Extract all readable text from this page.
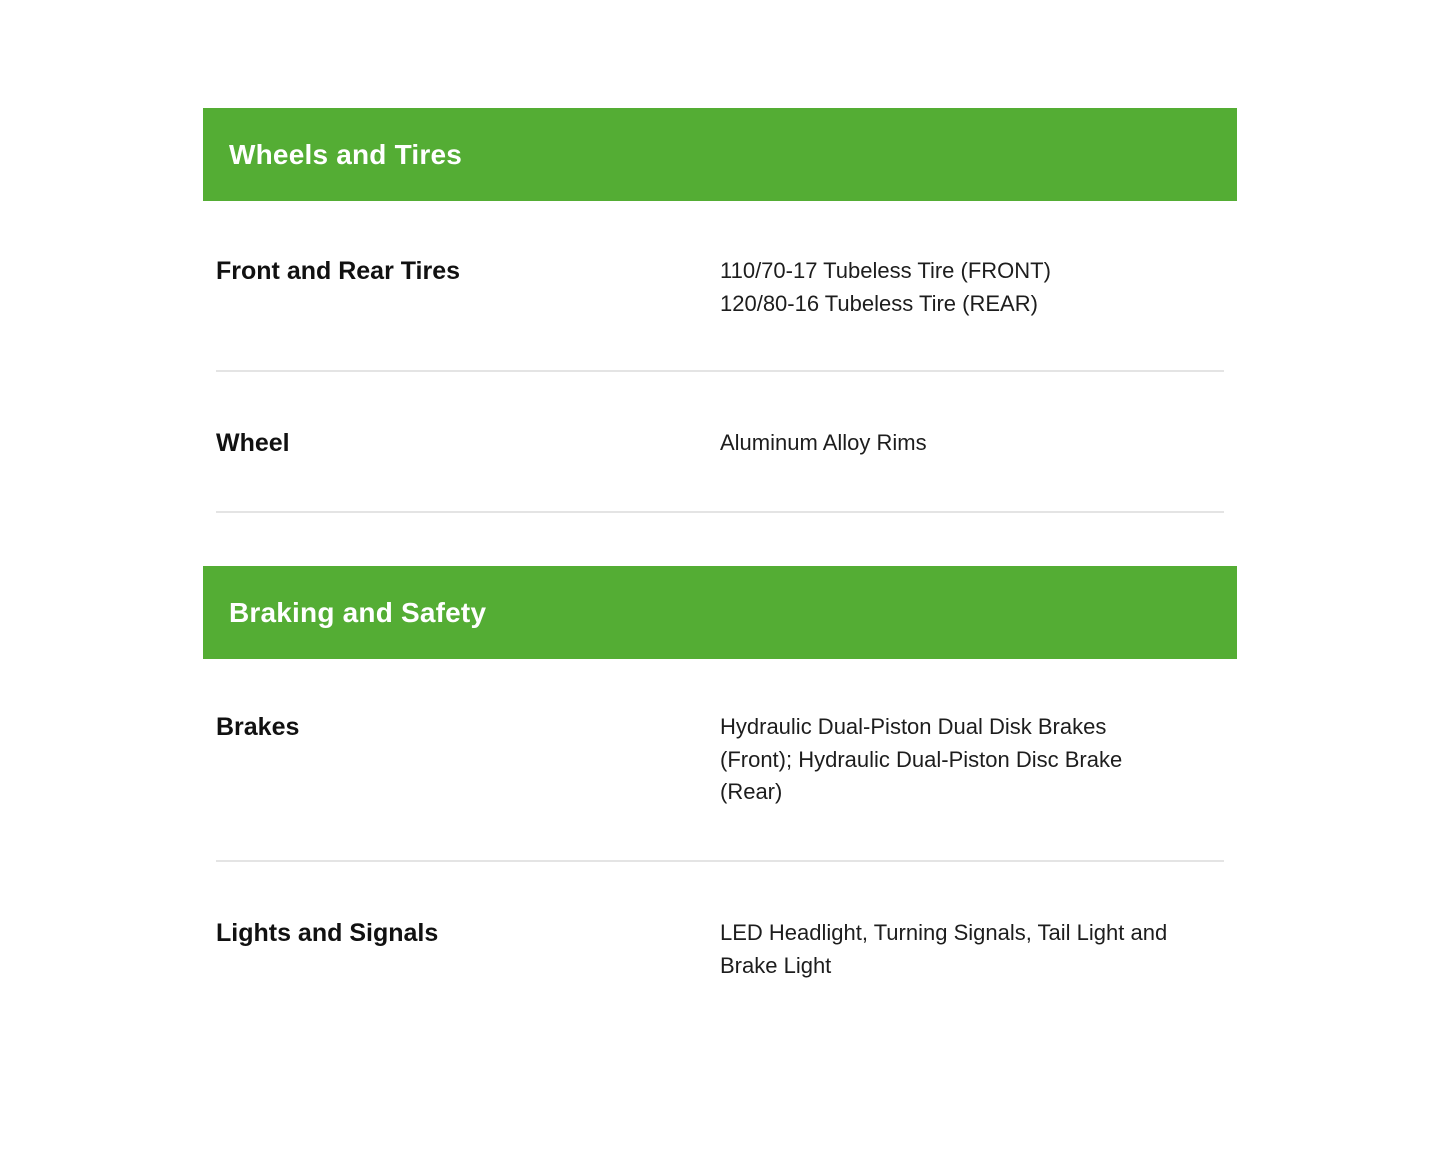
Wheels and Tires
Front and Rear Tires	110/70-17 Tubeless Tire (FRONT)
120/80-16 Tubeless Tire (REAR)
Wheel	Aluminum Alloy Rims
Braking and Safety
Brakes	Hydraulic Dual-Piston Dual Disk Brakes
(Front); Hydraulic Dual-Piston Disc Brake
(Rear)
Lights and Signals	LED Headlight, Turning Signals, Tail Light and
Brake Light
